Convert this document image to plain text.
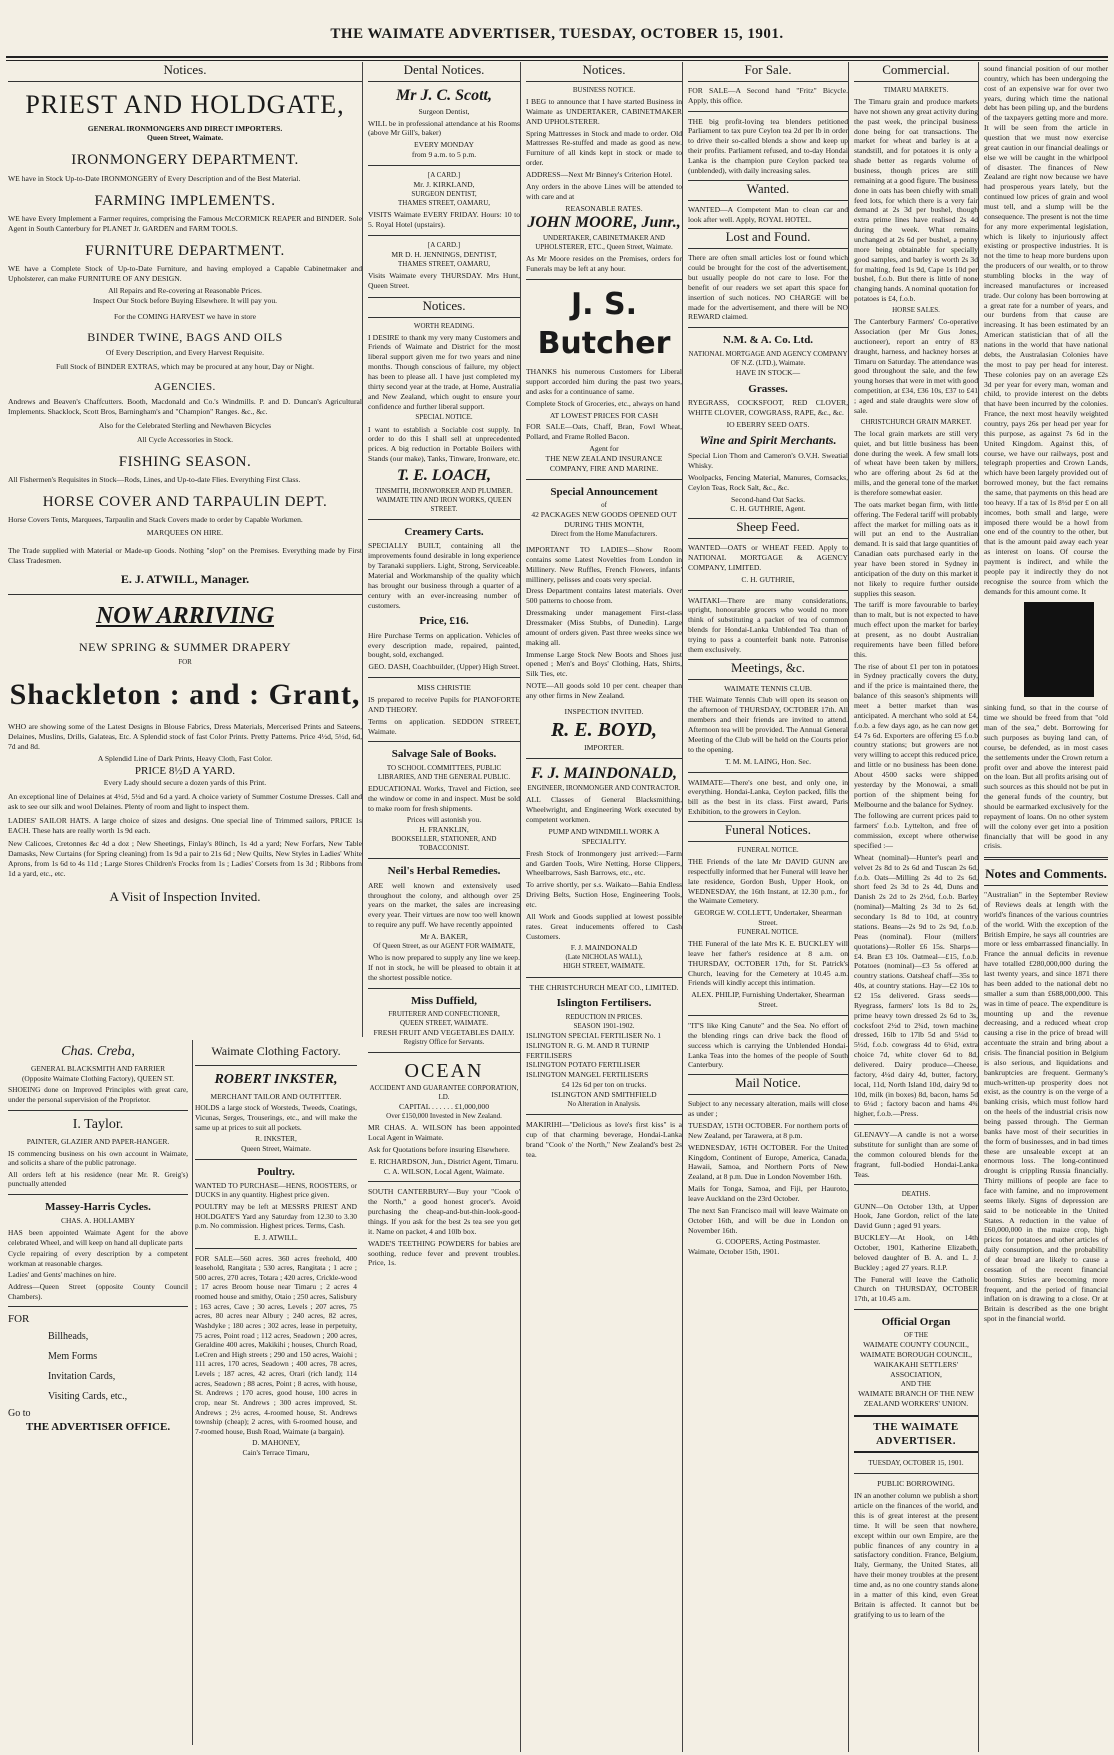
THE WAIMATE ADVERTISER, TUESDAY, OCTOBER 15, 1901.
Notices.
PRIEST AND HOLDGATE,
GENERAL IRONMONGERS AND DIRECT IMPORTERS.
Queen Street, Waimate.
IRONMONGERY DEPARTMENT.
WE have in Stock Up-to-Date IRONMONGERY of Every Description and of the Best Material.
FARMING IMPLEMENTS.
WE have Every Implement a Farmer requires, comprising the Famous McCORMICK REAPER and BINDER. Sole Agent in South Canterbury for PLANET Jr. GARDEN and FARM TOOLS.
FURNITURE DEPARTMENT.
WE have a Complete Stock of Up-to-Date Furniture, and having employed a Capable Cabinetmaker and Upholsterer, can make FURNITURE OF ANY DESIGN.
All Repairs and Re-covering at Reasonable Prices.
Inspect Our Stock before Buying Elsewhere. It will pay you.
For the COMING HARVEST we have in store
BINDER TWINE, BAGS AND OILS
Of Every Description, and Every Harvest Requisite.
Full Stock of BINDER EXTRAS, which may be procured at any hour, Day or Night.
AGENCIES.
Andrews and Beaven's Chaffcutters. Booth, Macdonald and Co.'s Windmills. P. and D. Duncan's Agricultural Implements. Shacklock, Scott Bros, Barningham's and "Champion" Ranges. &c., &c.
Also for the Celebrated Sterling and Newhaven Bicycles
All Cycle Accessories in Stock.
FISHING SEASON.
All Fishermen's Requisites in Stock—Rods, Lines, and Up-to-date Flies. Everything First Class.
HORSE COVER AND TARPAULIN DEPT.
Horse Covers Tents, Marquees, Tarpaulin and Stack Covers made to order by Capable Workmen.
MARQUEES ON HIRE.
The Trade supplied with Material or Made-up Goods. Nothing "slop" on the Premises. Everything made by First Class Tradesmen.
E. J. ATWILL, Manager.
NOW ARRIVING
NEW SPRING & SUMMER DRAPERY
FOR
Shackleton : and : Grant,
WHO are showing some of the Latest Designs in Blouse Fabrics, Dress Materials, Mercerised Prints and Sateens, Delaines, Muslins, Drills, Galateas, Etc. A Splendid stock of fast Color Prints. Pretty Patterns. Price 4½d, 5½d, 6d, 7d and 8d.
A Splendid Line of Dark Prints, Heavy Cloth, Fast Color.
PRICE 8½D A YARD.
Every Lady should secure a dozen yards of this Print.
An exceptional line of Delaines at 4½d, 5½d and 6d a yard. A choice variety of Summer Costume Dresses. Call and ask to see our silk and wool Delaines. Plenty of room and light to inspect them.
LADIES' SAILOR HATS. A large choice of sizes and designs. One special line of Trimmed sailors, PRICE 1s EACH. These hats are really worth 1s 9d each.
New Calicoes, Cretonnes &c 4d a doz ; New Sheetings, Finlay's 80inch, 1s 4d a yard; New Forfars, New Table Damasks, New Curtains (for Spring cleaning) from 1s 9d a pair to 21s 6d ; New Quilts, New Styles in Ladies' White Aprons, from 1s 6d to 4s 11d ; Large Stores Children's Frocks from 1s ; Ladies' Corsets from 1s 3d ; Ribbons from 1d a yard, etc., etc.
A Visit of Inspection Invited.
Chas. Creba,
GENERAL BLACKSMITH AND FARRIER
(Opposite Waimate Clothing Factory), QUEEN ST.
SHOEING done on Improved Principles with great care, under the personal supervision of the Proprietor.
I. Taylor.
PAINTER, GLAZIER AND PAPER-HANGER.
IS commencing business on his own account in Waimate, and solicits a share of the public patronage.
All orders left at his residence (near Mr. R. Greig's) punctually attended
Massey-Harris Cycles.
CHAS. A. HOLLAMBY
HAS been appointed Waimate Agent for the above celebrated Wheel, and will keep on hand all duplicate parts
Cycle repairing of every description by a competent workman at reasonable charges.
Ladies' and Gents' machines on hire.
Address—Queen Street (opposite County Council Chambers).
FOR
Billheads,
Mem Forms
Invitation Cards,
Visiting Cards, etc.,
Go to
THE ADVERTISER OFFICE.
Waimate Clothing Factory.
ROBERT INKSTER,
MERCHANT TAILOR AND OUTFITTER.
HOLDS a large stock of Worsteds, Tweeds, Coatings, Vicunas, Serges, Trouserings, etc., and will make the same up at prices to suit all pockets.
R. INKSTER,
Queen Street, Waimate.
Poultry.
WANTED TO PURCHASE—HENS, ROOSTERS, or DUCKS in any quantity. Highest price given.
POULTRY may be left at MESSRS PRIEST AND HOLDGATE'S Yard any Saturday from 12.30 to 3.30 p.m. No commission. Highest prices. Terms, Cash.
E. J. ATWILL.
FOR SALE—560 acres. 360 acres freehold, 400 leasehold, Rangitata ; 530 acres, Rangitata ; 1 acre ; 500 acres, 270 acres, Totara ; 420 acres, Crickle-wood ; 17 acres Broom house near Timaru ; 2 acres 4 roomed house and smithy, Otaio ; 250 acres, Salisbury ; 163 acres, Cave ; 30 acres, Levels ; 207 acres, 75 acres, 80 acres near Albury ; 240 acres, 82 acres, Washdyke ; 180 acres ; 302 acres, lease in perpetuity, 75 acres, Point road ; 112 acres, Seadown ; 200 acres, Geraldine 400 acres, Makikihi ; houses, Church Road, LeCren and High streets ; 290 and 150 acres, Waiohi ; 111 acres, 170 acres, Seadown ; 400 acres, 78 acres, Levels ; 187 acres, 42 acres, Orari (rich land); 114 acres, Seadown ; 88 acres, Point ; 8 acres, with house, St. Andrews ; 170 acres, good house, 100 acres in crop, near St. Andrews ; 300 acres improved, St. Andrews ; 2½ acres, 4-roomed house, St. Andrews township (cheap); 2 acres, with 6-roomed house, and 7-roomed house, Bush Road, Waimate (a bargain).
D. MAHONEY,
Cain's Terrace Timaru,
Dental Notices.
Mr J. C. Scott,
Surgeon Dentist,
WILL be in professional attendance at his Rooms (above Mr Gill's, baker)
EVERY MONDAY
from 9 a.m. to 5 p.m.
[A CARD.]
Mr. J. KIRKLAND,
SURGEON DENTIST,
THAMES STREET, OAMARU,
VISITS Waimate EVERY FRIDAY. Hours: 10 to 5. Royal Hotel (upstairs).
[A CARD.]
MR D. H. JENNINGS, DENTIST,
THAMES STREET, OAMARU,
Visits Waimate every THURSDAY. Mrs Hunt, Queen Street.
Notices.
WORTH READING.
I DESIRE to thank my very many Customers and Friends of Waimate and District for the most liberal support given me for two years and nine months. Though conscious of failure, my object has been to please all. I have just completed my thirty second year at the trade, at Home, Australia and New Zealand, which ought to ensure your confidence and further liberal support.
SPECIAL NOTICE.
I want to establish a Sociable cost supply. In order to do this I shall sell at unprecedented prices. A big reduction in Portable Boilers with Stands (our make), Tanks, Tinware, Ironware, etc.
T. E. LOACH,
TINSMITH, IRONWORKER AND PLUMBER.
WAIMATE TIN AND IRON WORKS, QUEEN STREET.
Creamery Carts.
SPECIALLY BUILT, containing all the improvements found desirable in long experience by Taranaki suppliers. Light, Strong, Serviceable. Material and Workmanship of the quality which has brought our business through a quarter of a century with an ever-increasing number of customers.
Price, £16.
Hire Purchase Terms on application. Vehicles of every description made, repaired, painted, bought, sold, exchanged.
GEO. DASH, Coachbuilder, (Upper) High Street.
MISS CHRISTIE
IS prepared to receive Pupils for PIANOFORTE AND THEORY.
Terms on application. SEDDON STREET, Waimate.
Salvage Sale of Books.
TO SCHOOL COMMITTEES, PUBLIC LIBRARIES, AND THE GENERAL PUBLIC.
EDUCATIONAL Works, Travel and Fiction, see the window or come in and inspect. Must be sold to make room for fresh shipments.
Prices will astonish you.
H. FRANKLIN,
BOOKSELLER, STATIONER, AND TOBACCONIST.
Neil's Herbal Remedies.
ARE well known and extensively used throughout the colony, and although over 25 years on the market, the sales are increasing every year. Their virtues are now too well known to require any puff. We have recently appointed
Mr A. BAKER,
Of Queen Street, as our AGENT FOR WAIMATE,
Who is now prepared to supply any line we keep. If not in stock, he will be pleased to obtain it at the shortest possible notice.
Miss Duffield,
FRUITERER AND CONFECTIONER,
QUEEN STREET, WAIMATE.
FRESH FRUIT AND VEGETABLES DAILY.
Registry Office for Servants.
OCEAN
ACCIDENT AND GUARANTEE CORPORATION, LD.
CAPITAL . . . . . . £1,000,000
Over £150,000 Invested in New Zealand.
MR CHAS. A. WILSON has been appointed Local Agent in Waimate.
Ask for Quotations before insuring Elsewhere.
E. RICHARDSON, Jun., District Agent, Timaru.
C. A. WILSON, Local Agent, Waimate.
SOUTH CANTERBURY—Buy your "Cook o' the North," a good honest grocer's. Avoid purchasing the cheap-and-but-thin-look-good-things. If you ask for the best 2s tea see you get it. Name on packet, 4 and 10lb box.
WADE'S TEETHING POWDERS for babies are soothing, reduce fever and prevent troubles. Price, 1s.
Notices.
BUSINESS NOTICE.
I BEG to announce that I have started Business in Waimate as UNDERTAKER, CABINETMAKER AND UPHOLSTERER.
Spring Mattresses in Stock and made to order. Old Mattresses Re-stuffed and made as good as new. Furniture of all kinds kept in stock or made to order.
ADDRESS—Next Mr Binney's Criterion Hotel.
Any orders in the above Lines will be attended to with care and at
REASONABLE RATES.
JOHN MOORE, Junr.,
UNDERTAKER, CABINETMAKER AND UPHOLSTERER, ETC., Queen Street, Waimate.
As Mr Moore resides on the Premises, orders for Funerals may be left at any hour.
J. S. Butcher
THANKS his numerous Customers for Liberal support accorded him during the past two years, and asks for a continuance of same.
Complete Stock of Groceries, etc., always on hand
AT LOWEST PRICES FOR CASH
FOR SALE—Oats, Chaff, Bran, Fowl Wheat, Pollard, and Frame Rolled Bacon.
Agent for
THE NEW ZEALAND INSURANCE COMPANY, FIRE AND MARINE.
Special Announcement
of
42 PACKAGES NEW GOODS OPENED OUT DURING THIS MONTH,
Direct from the Home Manufacturers.
IMPORTANT TO LADIES—Show Room contains some Latest Novelties from London in Millinery. New Ruffles, French Flowers, infants' millinery, pelisses and coats very special.
Dress Department contains latest materials. Over 500 patterns to choose from.
Dressmaking under management First-class Dressmaker (Miss Stubbs, of Dunedin). Large amount of orders given. Past three weeks since we making all.
Immense Large Stock New Boots and Shoes just opened ; Men's and Boys' Clothing, Hats, Shirts, Silk Ties, etc.
NOTE—All goods sold 10 per cent. cheaper than any other firms in New Zealand.
INSPECTION INVITED.
R. E. BOYD,
IMPORTER.
F. J. MAINDONALD,
ENGINEER, IRONMONGER AND CONTRACTOR.
ALL Classes of General Blacksmithing, Wheelwright, and Engineering Work executed by competent workmen.
PUMP AND WINDMILL WORK A SPECIALITY.
Fresh Stock of Ironmongery just arrived:—Farm and Garden Tools, Wire Netting, Horse Clippers, Wheelbarrows, Sash Barrows, etc., etc.
To arrive shortly, per s.s. Waikato—Bahia Endless Driving Belts, Suction Hose, Engineering Tools, etc.
All Work and Goods supplied at lowest possible rates. Great inducements offered to Cash Customers.
F. J. MAINDONALD
(Late NICHOLAS WALL),
HIGH STREET, WAIMATE.
THE CHRISTCHURCH MEAT CO., LIMITED.
Islington Fertilisers.
REDUCTION IN PRICES.
SEASON 1901-1902.
ISLINGTON SPECIAL FERTILISER No. 1
ISLINGTON R. G. M. AND R TURNIP FERTILISERS
ISLINGTON POTATO FERTILISER
ISLINGTON MANGEL FERTILISERS
£4 12s 6d per ton on trucks.
ISLINGTON AND SMITHFIELD
No Alteration in Analysis.
MAKIRIHI—"Delicious as love's first kiss" is a cup of that charming beverage, Hondai-Lanka brand "Cook o' the North," New Zealand's best 2s tea.
For Sale.
FOR SALE—A Second hand "Fritz" Bicycle. Apply, this office.
THE big profit-loving tea blenders petitioned Parliament to tax pure Ceylon tea 2d per lb in order to drive their so-called blends a show and keep up their profits. Parliament refused, and to-day Hondai Lanka is the champion pure Ceylon packed tea (unblended), with daily increasing sales.
Wanted.
WANTED—A Competent Man to clean car and look after well. Apply, ROYAL HOTEL.
Lost and Found.
There are often small articles lost or found which could be brought for the cost of the advertisement, but usually people do not care to lose. For the benefit of our readers we set apart this space for insertion of such notices. NO CHARGE will be made for the advertisement, and there will be NO REWARD claimed.
N.M. & A. Co. Ltd.
NATIONAL MORTGAGE AND AGENCY COMPANY OF N.Z. (LTD.), Waimate.
HAVE IN STOCK—
Grasses.
RYEGRASS, COCKSFOOT, RED CLOVER, WHITE CLOVER, COWGRASS, RAPE, &c., &c.
IO EBERRY SEED OATS.
Wine and Spirit Merchants.
Special Lion Thom and Cameron's O.V.H. Sweatial Whisky.
Woolpacks, Fencing Material, Manures, Cornsacks, Ceylon Teas, Rock Salt, &c., &c.
Second-hand Oat Sacks.
C. H. GUTHRIE, Agent.
Sheep Feed.
WANTED—OATS or WHEAT FEED. Apply to NATIONAL MORTGAGE & AGENCY COMPANY, LIMITED.
C. H. GUTHRIE,
WAITAKI—There are many considerations, upright, honourable grocers who would no more think of substituting a packet of tea of common blends for Hondai-Lanka Unblended Tea than of trying to pass a counterfeit bank note. Patronise them exclusively.
Meetings, &c.
WAIMATE TENNIS CLUB.
THE Waimate Tennis Club will open its season on the afternoon of THURSDAY, OCTOBER 17th. All members and their friends are invited to attend. Afternoon tea will be provided. The Annual General Meeting of the Club will be held on the Courts prior to the opening.
T. M. M. LAING, Hon. Sec.
WAIMATE—There's one best, and only one, in everything. Hondai-Lanka, Ceylon packed, fills the bill as the best in its class. First award, Paris Exhibition, to the growers in Ceylon.
Funeral Notices.
FUNERAL NOTICE.
THE Friends of the late Mr DAVID GUNN are respectfully informed that her Funeral will leave her late residence, Gordon Bush, Upper Hook, on WEDNESDAY, the 16th Instant, at 12.30 p.m., for the Waimate Cemetery.
GEORGE W. COLLETT, Undertaker, Shearman Street.
FUNERAL NOTICE.
THE Funeral of the late Mrs K. E. BUCKLEY will leave her father's residence at 8 a.m. on THURSDAY, OCTOBER 17th, for St. Patrick's Church, leaving for the Cemetery at 10.45 a.m. Friends will kindly accept this intimation.
ALEX. PHILIP, Furnishing Undertaker, Shearman Street.
"IT'S like King Canute" and the Sea. No effort of the blending rings can drive back the flood of success which is carrying the Unblended Hondai-Lanka Teas into the homes of the people of South Canterbury.
Mail Notice.
Subject to any necessary alteration, mails will close as under ;
TUESDAY, 15TH OCTOBER. For northern ports of New Zealand, per Tarawera, at 8 p.m.
WEDNESDAY, 16TH OCTOBER. For the United Kingdom, Continent of Europe, America, Canada, Hawaii, Samoa, and Northern Ports of New Zealand, at 8 p.m. Due in London November 16th.
Mails for Tonga, Samoa, and Fiji, per Hauroto, leave Auckland on the 23rd October.
The next San Francisco mail will leave Waimate on October 16th, and will be due in London on November 16th.
G. COOPERS, Acting Postmaster.
Waimate, October 15th, 1901.
Commercial.
TIMARU MARKETS.
The Timaru grain and produce markets have not shown any great activity during the past week, the principal business done being for oat transactions. The market for wheat and barley is at a standstill, and for potatoes it is only a shade better as regards volume of business, though prices are still remaining at a good figure. The business done in oats has been chiefly with small feed lots, for which there is a very fair demand at 2s 3d per bushel, though extra prime lines have realised 2s 4d during the week. What remains unchanged at 2s 6d per bushel, a penny more being obtainable for specially good samples, and barley is worth 2s 3d for malting, feed 1s 9d, Cape 1s 10d per bushel, f.o.b. But there is little of none changing hands. A nominal quotation for potatoes is £4, f.o.b.
HORSE SALES.
The Canterbury Farmers' Co-operative Association (per Mr Gus Jones, auctioneer), report an entry of 83 draught, harness, and hackney horses at Timaru on Saturday. The attendance was good throughout the sale, and the few young horses that were in met with good competition, at £34, £36 10s, £37 to £41 ; aged and stale draughts were slow of sale.
CHRISTCHURCH GRAIN MARKET.
The local grain markets are still very quiet, and but little business has been done during the week. A few small lots of wheat have been taken by millers, who are offering about 2s 6d at the mills, and the general tone of the market is therefore somewhat easier.
The oats market began firm, with little offering. The Federal tariff will probably affect the market for milling oats as it will put an end to the Australian demand. It is said that large quantities of Canadian oats purchased early in the year have been stored in Sydney in anticipation of the duty on this market it not likely to require further outside supplies this season.
The tariff is more favourable to barley than to malt, but is not expected to have much effect upon the market for barley at present, as no doubt Australian requirements have been filled before this.
The rise of about £1 per ton in potatoes in Sydney practically covers the duty, and if the price is maintained there, the balance of this season's shipments will meet a better market than was anticipated. A merchant who sold at £4, f.o.b. a few days ago, as he can now get £4 7s 6d. Exporters are offering £5 f.o.b country stations; but growers are not very willing to accept this reduced price, and little or no business has been done. About 4500 sacks were shipped yesterday by the Monowai, a small portion of the shipment being for Melbourne and the balance for Sydney.
The following are current prices paid to farmers' f.o.b. Lyttelton, and free of commission, except where otherwise specified :—
Wheat (nominal)—Hunter's pearl and velvet 2s 8d to 2s 6d and Tuscan 2s 6d, f.o.b. Oats—Milling 2s 4d to 2s 6d, short feed 2s 3d to 2s 4d, Duns and Danish 2s 2d to 2s 2½d, f.o.b. Barley (nominal)—Malting 2s 3d to 2s 6d, secondary 1s 8d to 10d, at country stations. Beans—2s 9d to 2s 9d, f.o.b. Peas (nominal). Flour (millers' quotations)—Roller £6 15s. Sharps—£4. Bran £3 10s. Oatmeal—£15, f.o.b. Potatoes (nominal)—£3 5s offered at country stations. Oatsheaf chaff—35s to 40s, at country stations. Hay—£2 10s to £2 15s delivered. Grass seeds—Ryegrass, farmers' lots 1s 8d to 2s, prime heavy town dressed 2s 6d to 3s, cocksfoot 2½d to 2¾d, town machine dressed, 16lb to 17lb 5d and 5¼d to 5½d, f.o.b. cowgrass 4d to 6¼d, extra choice 7d, white clover 6d to 8d, delivered. Dairy produce—Cheese, factory, 4¼d dairy 4d, butter, factory, local, 11d, North Island 10d, dairy 9d to 10d, milk (in boxes) 8d, bacon, hams 5d to 6¼d ; factory bacon and hams 4¾ higher, f.o.b.—Press.
GLENAVY—A candle is not a worse substitute for sunlight than are some of the common coloured blends for the fragrant, full-bodied Hondai-Lanka Teas.
DEATHS.
GUNN—On October 13th, at Upper Hook, Jane Gordon, relict of the late David Gunn ; aged 91 years.
BUCKLEY—At Hook, on 14th October, 1901, Katherine Elizabeth, beloved daughter of B. A. and L. J. Buckley ; aged 27 years. R.I.P.
The Funeral will leave the Catholic Church on THURSDAY, OCTOBER 17th, at 10.45 a.m.
Official Organ
OF THE
WAIMATE COUNTY COUNCIL,
WAIMATE BOROUGH COUNCIL,
WAIKAKAHI SETTLERS' ASSOCIATION,
AND THE
WAIMATE BRANCH OF THE NEW ZEALAND WORKERS' UNION.
THE WAIMATE ADVERTISER.
TUESDAY, OCTOBER 15, 1901.
PUBLIC BORROWING.
IN an another column we publish a short article on the finances of the world, and this is of great interest at the present time. It will be seen that nowhere, except within our own Empire, are the public finances of any country in a satisfactory condition. France, Belgium, Italy, Germany, the United States, all have their money troubles at the present time and, as no one country stands alone in a matter of this kind, even Great Britain is affected. It cannot but be gratifying to us to learn of the
sound financial position of our mother country, which has been undergoing the cost of an expensive war for over two years, during which time the national debt has been piling up, and the burdens of the taxpayers getting more and more. It will be seen from the article in question that we must now exercise great caution in our financial dealings or else we will be caught in the whirlpool of disaster. The finances of New Zealand are right now because we have had prosperous years lately, but the continued low prices of grain and wool must tell, and a slump will be the consequence. The present is not the time for any more experimental legislation, which is likely to injuriously affect existing or prospective industries. It is not the time to heap more burdens upon the producers of our wealth, or to throw stumbling blocks in the way of increased manufactures or increased trade. Our colony has been borrowing at a great rate for a number of years, and our burdens from that cause are increasing. It has been estimated by an American statistician that of all the nations in the world that have national debts, the Australasian Colonies have the most to pay per head for interest. These colonies pay on an average £2s 3d per year for every man, woman and child, to provide interest on the debts that have been incurred by the colonies. France, the next most heavily weighted country, pays 26s per head per year for this purpose, as against 7s 6d in the United Kingdom. Against this, of course, we have our railways, post and telegraph properties and Crown Lands, which have been largely provided out of borrowed money, but the fact remains the same, that payments on this head are too heavy. If a tax of 1s 8½d per £ on all incomes, both small and large, were imposed there would be a howl from one end of the country to the other, but that is the amount paid away each year as interest on loans. Of course the payment is indirect, and while the people pay it indirectly they do not recognise the source from which the demands for this amount come. It
sinking fund, so that in the course of time we should be freed from that "old man of the sea," debt. Borrowing for such purposes as buying land can, of course, be defended, as in most cases the settlements under the Crown return a profit over and above the interest paid on the loan. But all profits arising out of such sources as this should not be put in the general funds of the country, but should be earmarked exclusively for the repayment of loans. On no other system will the colony ever get into a position financially that will be good in any crisis.
Notes and Comments.
"Australian" in the September Review of Reviews deals at length with the world's finances of the various countries of the world. With the exception of the British Empire, he says all countries are more or less embarrassed financially. In France the annual deficits in revenue have totalled £280,000,000 during the last twenty years, and since 1871 there has been added to the national debt no smaller a sum than £688,000,000. This was in time of peace. The expenditure is mounting up and the revenue decreasing, and a reduced wheat crop causing a rise in the price of bread will accentuate the strain and bring about a crisis. The financial position in Belgium is also serious, and liquidations and bankruptcies are frequent. Germany's much-written-up prosperity does not exist, as the country is on the verge of a banking crisis, which must follow hard on the heels of the industrial crisis now being passed through. The German banks have most of their securities in the form of businesses, and in bad times these are unsaleable except at an enormous loss. The long-continued drought is crippling Russia financially. Thirty millions of people are face to face with famine, and no improvement seems likely. Signs of depression are said to be noticeable in the United States. A reduction in the value of £60,000,000 in the maize crop, high prices for potatoes and other articles of daily consumption, and the probability of dear bread are likely to cause a cessation of the recent financial booming. Stries are becoming more frequent, and the period of financial inflation on is drawing to a close. Or at Britain is described as the one bright spot in the financial world.
